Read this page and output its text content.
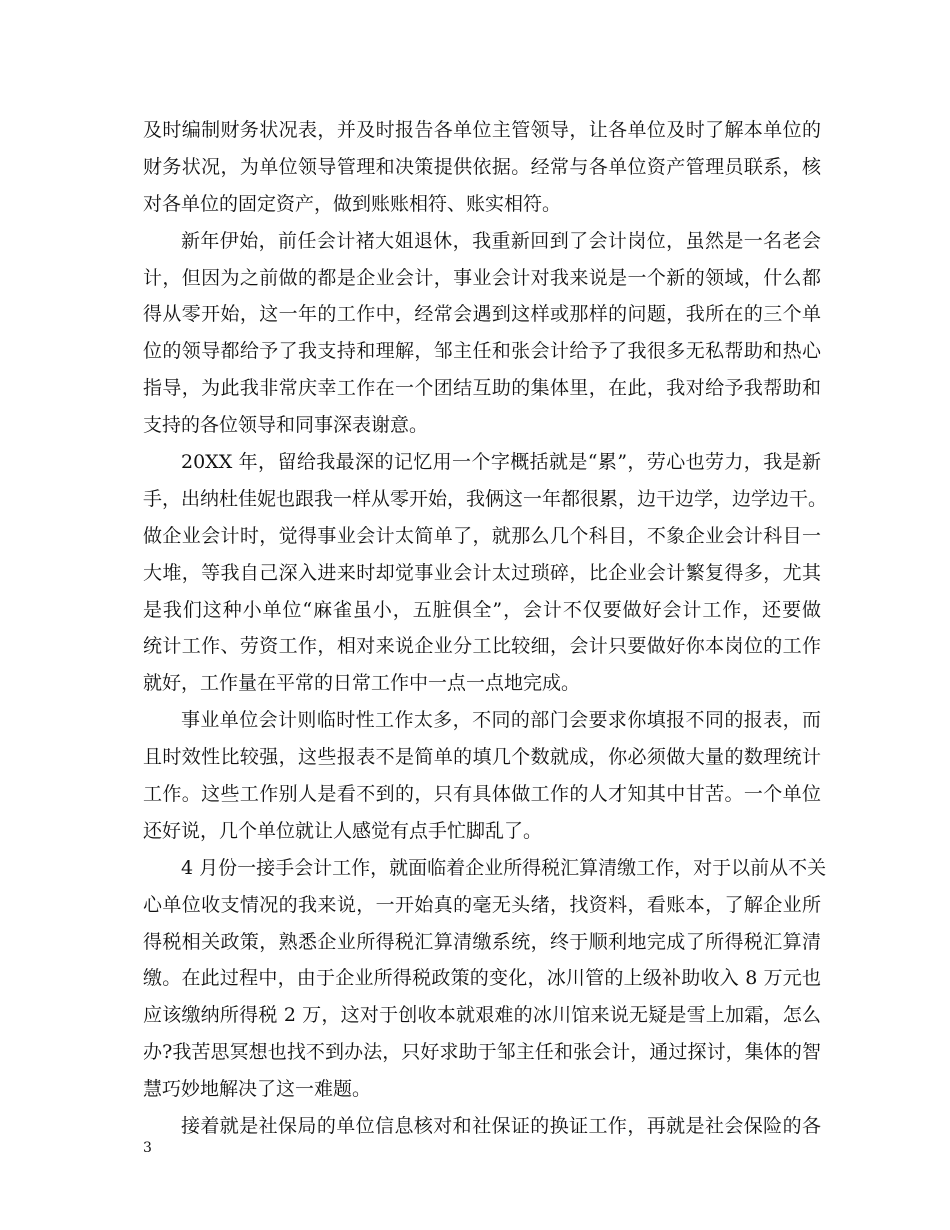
及时编制财务状况表，并及时报告各单位主管领导，让各单位及时了解本单位的
财务状况，为单位领导管理和决策提供依据。经常与各单位资产管理员联系，核
对各单位的固定资产，做到账账相符、账实相符。
新年伊始，前任会计褚大姐退休，我重新回到了会计岗位，虽然是一名老会
计，但因为之前做的都是企业会计，事业会计对我来说是一个新的领域，什么都
得从零开始，这一年的工作中，经常会遇到这样或那样的问题，我所在的三个单
位的领导都给予了我支持和理解，邹主任和张会计给予了我很多无私帮助和热心
指导，为此我非常庆幸工作在一个团结互助的集体里，在此，我对给予我帮助和
支持的各位领导和同事深表谢意。
20XX 年，留给我最深的记忆用一个字概括就是“累”，劳心也劳力，我是新
手，出纳杜佳妮也跟我一样从零开始，我俩这一年都很累，边干边学，边学边干。
做企业会计时，觉得事业会计太简单了，就那么几个科目，不象企业会计科目一
大堆，等我自己深入进来时却觉事业会计太过琐碎，比企业会计繁复得多，尤其
是我们这种小单位“麻雀虽小，五脏俱全”，会计不仅要做好会计工作，还要做
统计工作、劳资工作，相对来说企业分工比较细，会计只要做好你本岗位的工作
就好，工作量在平常的日常工作中一点一点地完成。
事业单位会计则临时性工作太多，不同的部门会要求你填报不同的报表，而
且时效性比较强，这些报表不是简单的填几个数就成，你必须做大量的数理统计
工作。这些工作别人是看不到的，只有具体做工作的人才知其中甘苦。一个单位
还好说，几个单位就让人感觉有点手忙脚乱了。
4 月份一接手会计工作，就面临着企业所得税汇算清缴工作，对于以前从不关
心单位收支情况的我来说，一开始真的毫无头绪，找资料，看账本，了解企业所
得税相关政策，熟悉企业所得税汇算清缴系统，终于顺利地完成了所得税汇算清
缴。在此过程中，由于企业所得税政策的变化，冰川管的上级补助收入 8 万元也
应该缴纳所得税 2 万，这对于创收本就艰难的冰川馆来说无疑是雪上加霜，怎么
办?我苦思冥想也找不到办法，只好求助于邹主任和张会计，通过探讨，集体的智
慧巧妙地解决了这一难题。
接着就是社保局的单位信息核对和社保证的换证工作，再就是社会保险的各
3
